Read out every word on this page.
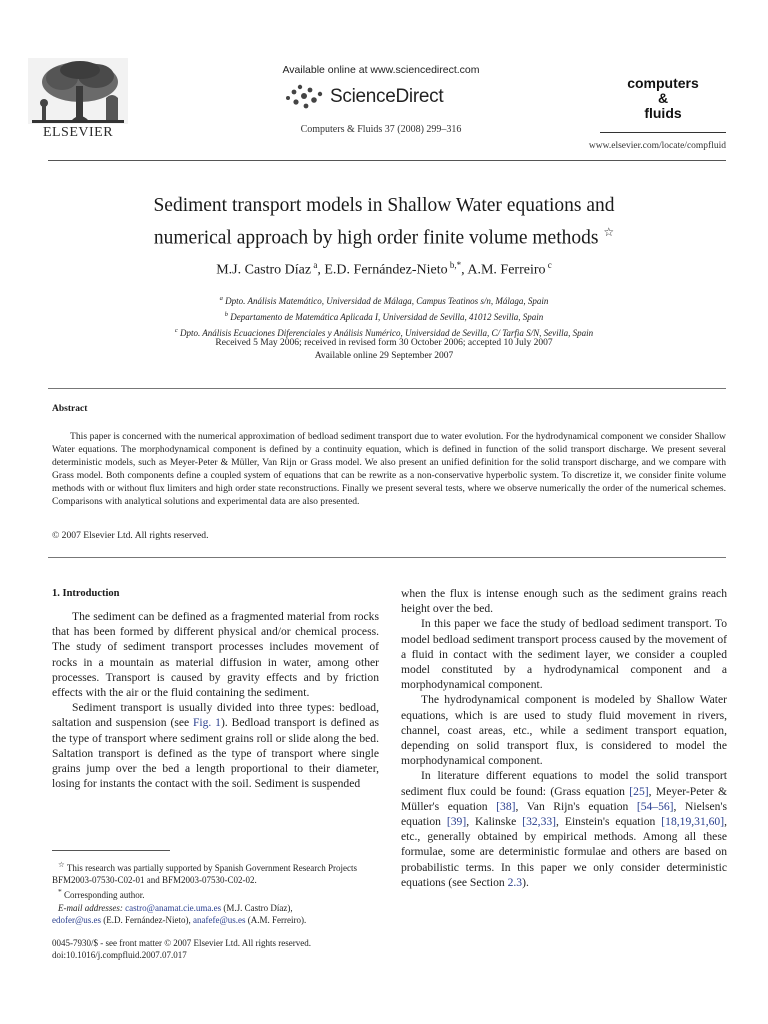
ELSEVIER
Available online at www.sciencedirect.com
ScienceDirect
Computers & Fluids 37 (2008) 299–316
computers
&
fluids
www.elsevier.com/locate/compfluid
Sediment transport models in Shallow Water equations and
numerical approach by high order finite volume methods ☆
M.J. Castro Díaz $^a$, E.D. Fernández-Nieto $^{b,*}$, A.M. Ferreiro $^c$
$^a$ Dpto. Análisis Matemático, Universidad de Málaga, Campus Teatinos s/n, Málaga, Spain
$^b$ Departamento de Matemática Aplicada I, Universidad de Sevilla, 41012 Sevilla, Spain
$^c$ Dpto. Análisis Ecuaciones Diferenciales y Análisis Numérico, Universidad de Sevilla, C/ Tarfia S/N, Sevilla, Spain
Received 5 May 2006; received in revised form 30 October 2006; accepted 10 July 2007
Available online 29 September 2007
Abstract
This paper is concerned with the numerical approximation of bedload sediment transport due to water evolution. For the hydrodynamical component we consider Shallow Water equations. The morphodynamical component is defined by a continuity equation, which is defined in function of the solid transport discharge. We present several deterministic models, such as Meyer-Peter & Müller, Van Rijn or Grass model. We also present an unified definition for the solid transport discharge, and we compare with Grass model. Both components define a coupled system of equations that can be rewrite as a non-conservative hyperbolic system. To discretize it, we consider finite volume methods with or without flux limiters and high order state reconstructions. Finally we present several tests, where we observe numerically the order of the numerical schemes. Comparisons with analytical solutions and experimental data are also presented.
© 2007 Elsevier Ltd. All rights reserved.
1. Introduction

The sediment can be defined as a fragmented material from rocks that has been formed by different physical and/or chemical process. The study of sediment transport processes includes movement of rocks in a mountain as material diffusion in water, among other processes. Transport is caused by gravity effects and by friction effects with the air or the fluid containing the sediment.

Sediment transport is usually divided into three types: bedload, saltation and suspension (see Fig. 1). Bedload transport is defined as the type of transport where sediment grains roll or slide along the bed. Saltation transport is defined as the type of transport where single grains jump over the bed a length proportional to their diameter, losing for instants the contact with the soil. Sediment is suspended

when the flux is intense enough such as the sediment grains reach height over the bed.

In this paper we face the study of bedload sediment transport. To model bedload sediment transport process caused by the movement of a fluid in contact with the sediment layer, we consider a coupled model constituted by a hydrodynamical component and a morphodynamical component.

The hydrodynamical component is modeled by Shallow Water equations, which is are used to study fluid movement in rivers, channel, coast areas, etc., while a sediment transport equation, depending on solid transport flux, is considered to model the morphodynamical component.

In literature different equations to model the solid transport sediment flux could be found: (Grass equation [25], Meyer-Peter & Müller's equation [38], Van Rijn's equation [54–56], Nielsen's equation [39], Kalinske [32,33], Einstein's equation [18,19,31,60], etc., generally obtained by empirical methods. Among all these formulae, some are deterministic formulae and others are based on probabilistic terms. In this paper we only consider deterministic equations (see Section 2.3).

☆ This research was partially supported by Spanish Government Research Projects BFM2003-07530-C02-01 and BFM2003-07530-C02-02.

* Corresponding author.

E-mail addresses: castro@anamat.cie.uma.es (M.J. Castro Díaz),
edofer@us.es (E.D. Fernández-Nieto), anafefe@us.es (A.M. Ferreiro).

0045-7930/$ - see front matter © 2007 Elsevier Ltd. All rights reserved.
doi:10.1016/j.compfluid.2007.07.017
